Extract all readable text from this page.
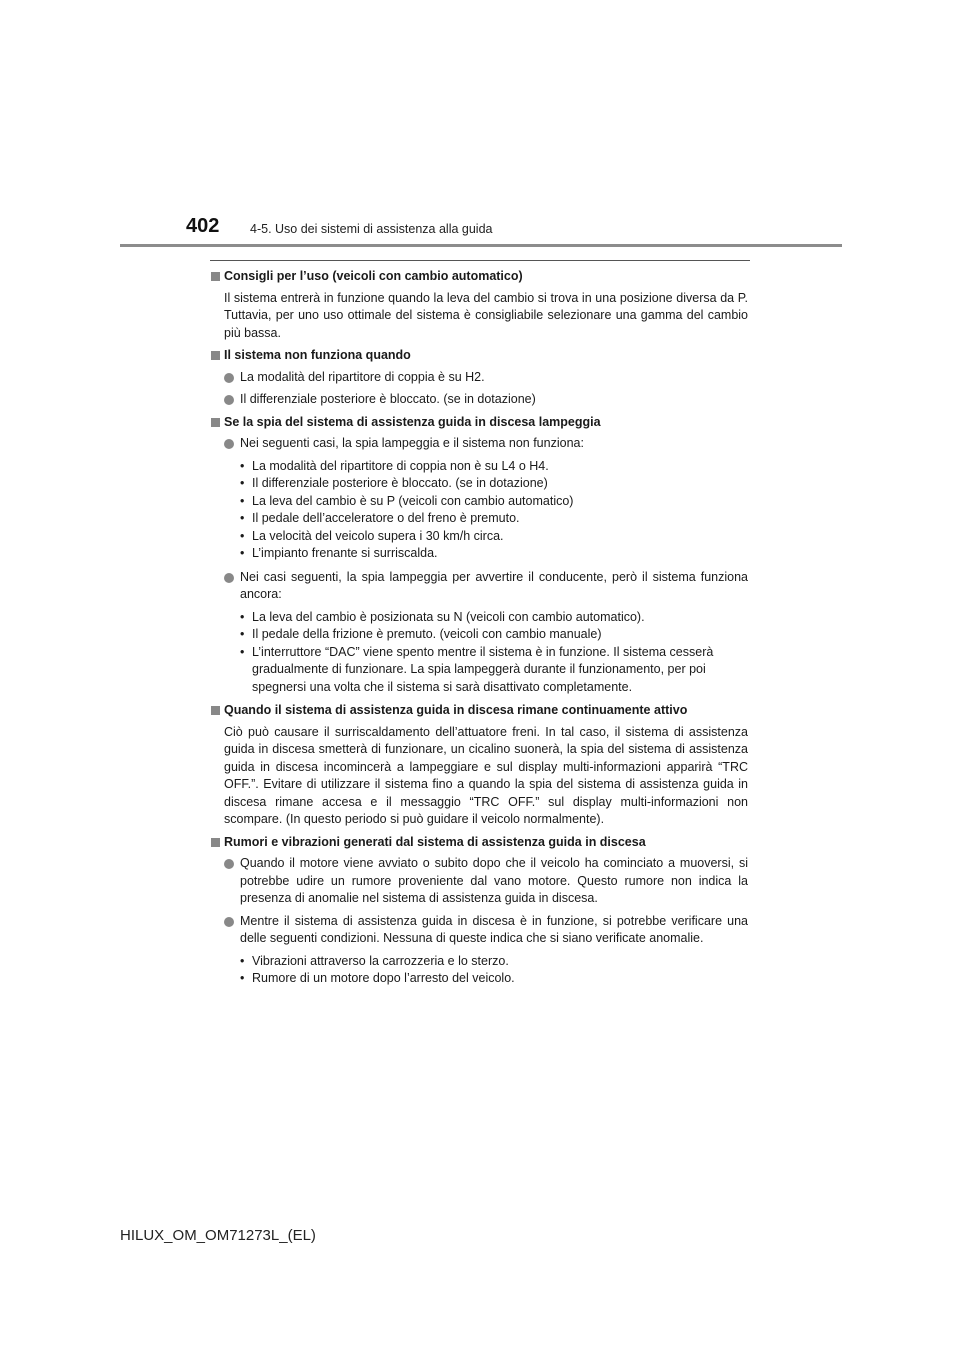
402 4-5. Uso dei sistemi di assistenza alla guida
Consigli per l’uso (veicoli con cambio automatico)
Il sistema entrerà in funzione quando la leva del cambio si trova in una posizione diversa da P. Tuttavia, per uno uso ottimale del sistema è consigliabile selezionare una gamma del cambio più bassa.
Il sistema non funziona quando
La modalità del ripartitore di coppia è su H2.
Il differenziale posteriore è bloccato. (se in dotazione)
Se la spia del sistema di assistenza guida in discesa lampeggia
Nei seguenti casi, la spia lampeggia e il sistema non funziona:
• La modalità del ripartitore di coppia non è su L4 o H4.
• Il differenziale posteriore è bloccato. (se in dotazione)
• La leva del cambio è su P (veicoli con cambio automatico)
• Il pedale dell’acceleratore o del freno è premuto.
• La velocità del veicolo supera i 30 km/h circa.
• L’impianto frenante si surriscalda.
Nei casi seguenti, la spia lampeggia per avvertire il conducente, però il sistema funziona ancora:
• La leva del cambio è posizionata su N (veicoli con cambio automatico).
• Il pedale della frizione è premuto. (veicoli con cambio manuale)
• L’interruttore “DAC” viene spento mentre il sistema è in funzione. Il sistema cesserà gradualmente di funzionare. La spia lampeggerà durante il funzionamento, per poi spegnersi una volta che il sistema si sarà disattivato completamente.
Quando il sistema di assistenza guida in discesa rimane continuamente attivo
Ciò può causare il surriscaldamento dell’attuatore freni. In tal caso, il sistema di assistenza guida in discesa smetterà di funzionare, un cicalino suonerà, la spia del sistema di assistenza guida in discesa incomincerà a lampeggiare e sul display multi-informazioni apparirà “TRC OFF.”. Evitare di utilizzare il sistema fino a quando la spia del sistema di assistenza guida in discesa rimane accesa e il messaggio “TRC OFF.” sul display multi-informazioni non scompare. (In questo periodo si può guidare il veicolo normalmente).
Rumori e vibrazioni generati dal sistema di assistenza guida in discesa
Quando il motore viene avviato o subito dopo che il veicolo ha cominciato a muoversi, si potrebbe udire un rumore proveniente dal vano motore. Questo rumore non indica la presenza di anomalie nel sistema di assistenza guida in discesa.
Mentre il sistema di assistenza guida in discesa è in funzione, si potrebbe verificare una delle seguenti condizioni. Nessuna di queste indica che si siano verificate anomalie.
• Vibrazioni attraverso la carrozzeria e lo sterzo.
• Rumore di un motore dopo l’arresto del veicolo.
HILUX_OM_OM71273L_(EL)
